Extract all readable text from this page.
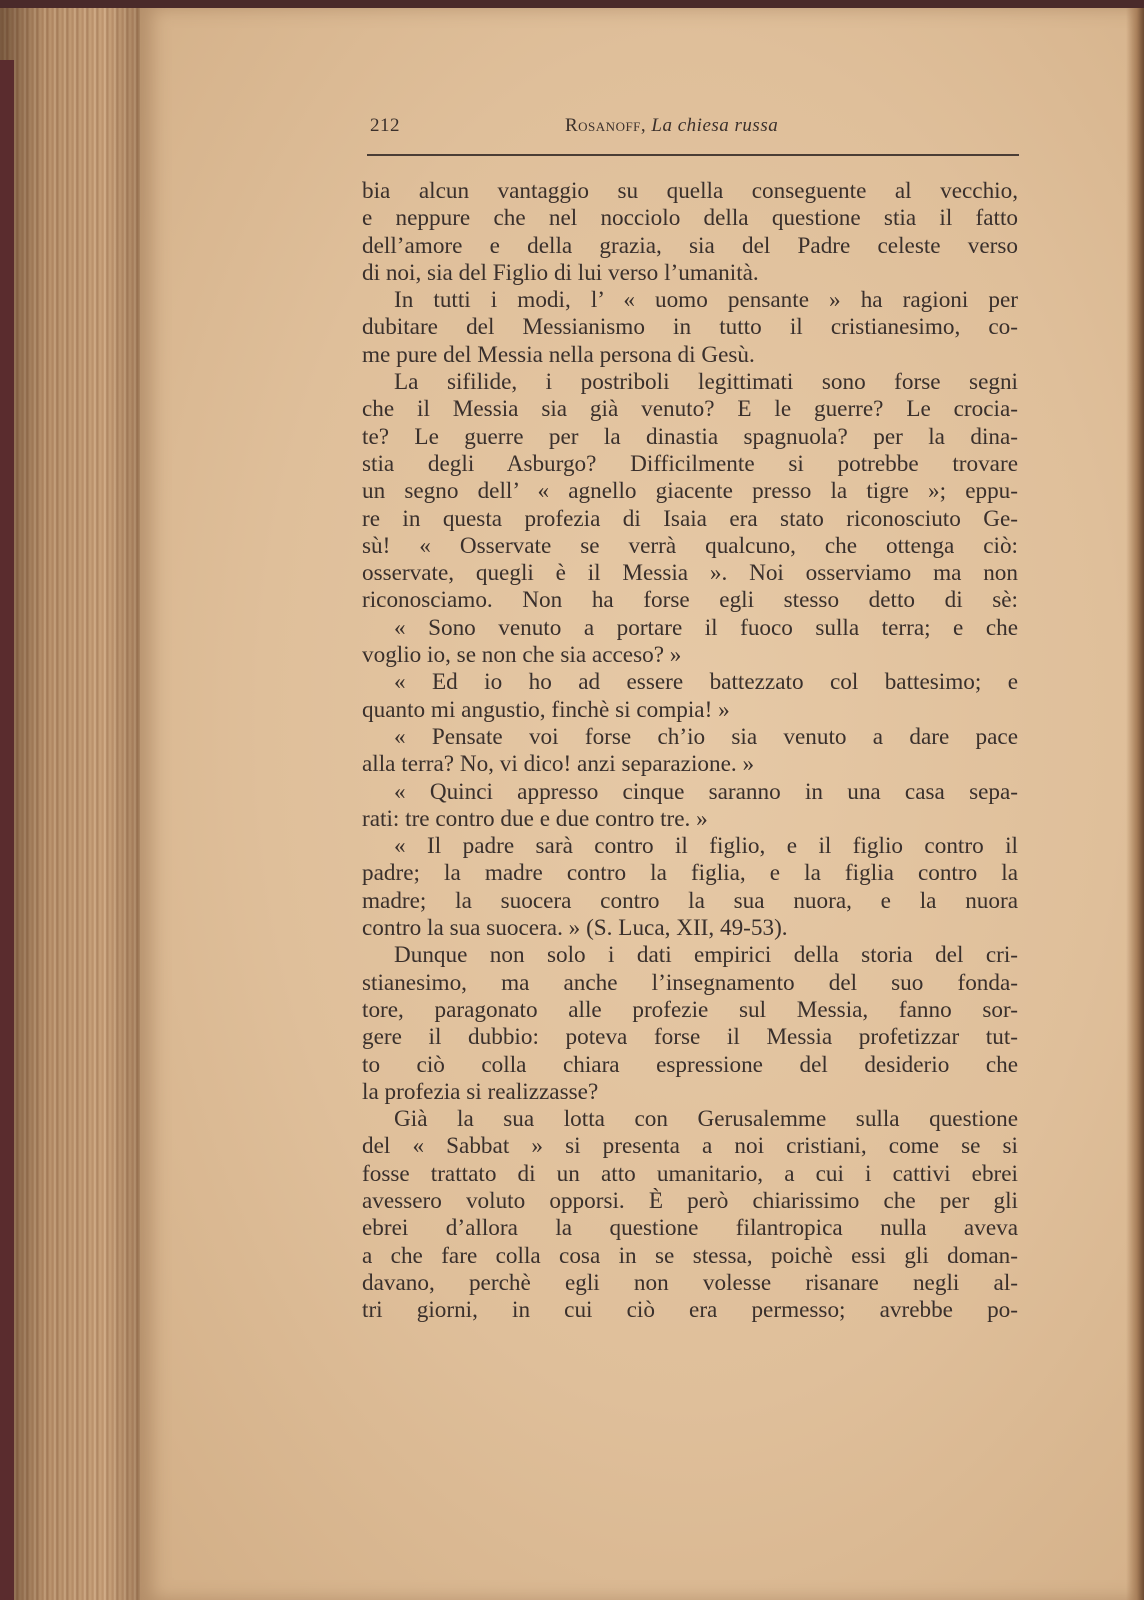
212	Rosanoff, La chiesa russa
bia alcun vantaggio su quella conseguente al vecchio,
e neppure che nel nocciolo della questione stia il fatto
dell’amore e della grazia, sia del Padre celeste verso
di noi, sia del Figlio di lui verso l’umanità.
In tutti i modi, l’ « uomo pensante » ha ragioni per
dubitare del Messianismo in tutto il cristianesimo, co-
me pure del Messia nella persona di Gesù.
La sifilide, i postriboli legittimati sono forse segni
che il Messia sia già venuto? E le guerre? Le crocia-
te? Le guerre per la dinastia spagnuola? per la dina-
stia degli Asburgo? Difficilmente si potrebbe trovare
un segno dell’ « agnello giacente presso la tigre »; eppu-
re in questa profezia di Isaia era stato riconosciuto Ge-
sù! « Osservate se verrà qualcuno, che ottenga ciò:
osservate, quegli è il Messia ». Noi osserviamo ma non
riconosciamo. Non ha forse egli stesso detto di sè:
« Sono venuto a portare il fuoco sulla terra; e che
voglio io, se non che sia acceso? »
« Ed io ho ad essere battezzato col battesimo; e
quanto mi angustio, finchè si compia! »
« Pensate voi forse ch’io sia venuto a dare pace
alla terra? No, vi dico! anzi separazione. »
« Quinci appresso cinque saranno in una casa sepa-
rati: tre contro due e due contro tre. »
« Il padre sarà contro il figlio, e il figlio contro il
padre; la madre contro la figlia, e la figlia contro la
madre; la suocera contro la sua nuora, e la nuora
contro la sua suocera. » (S. Luca, XII, 49-53).
Dunque non solo i dati empirici della storia del cri-
stianesimo, ma anche l’insegnamento del suo fonda-
tore, paragonato alle profezie sul Messia, fanno sor-
gere il dubbio: poteva forse il Messia profetizzar tut-
to ciò colla chiara espressione del desiderio che
la profezia si realizzasse?
Già la sua lotta con Gerusalemme sulla questione
del « Sabbat » si presenta a noi cristiani, come se si
fosse trattato di un atto umanitario, a cui i cattivi ebrei
avessero voluto opporsi. È però chiarissimo che per gli
ebrei d’allora la questione filantropica nulla aveva
a che fare colla cosa in se stessa, poichè essi gli doman-
davano, perchè egli non volesse risanare negli al-
tri giorni, in cui ciò era permesso; avrebbe po-
